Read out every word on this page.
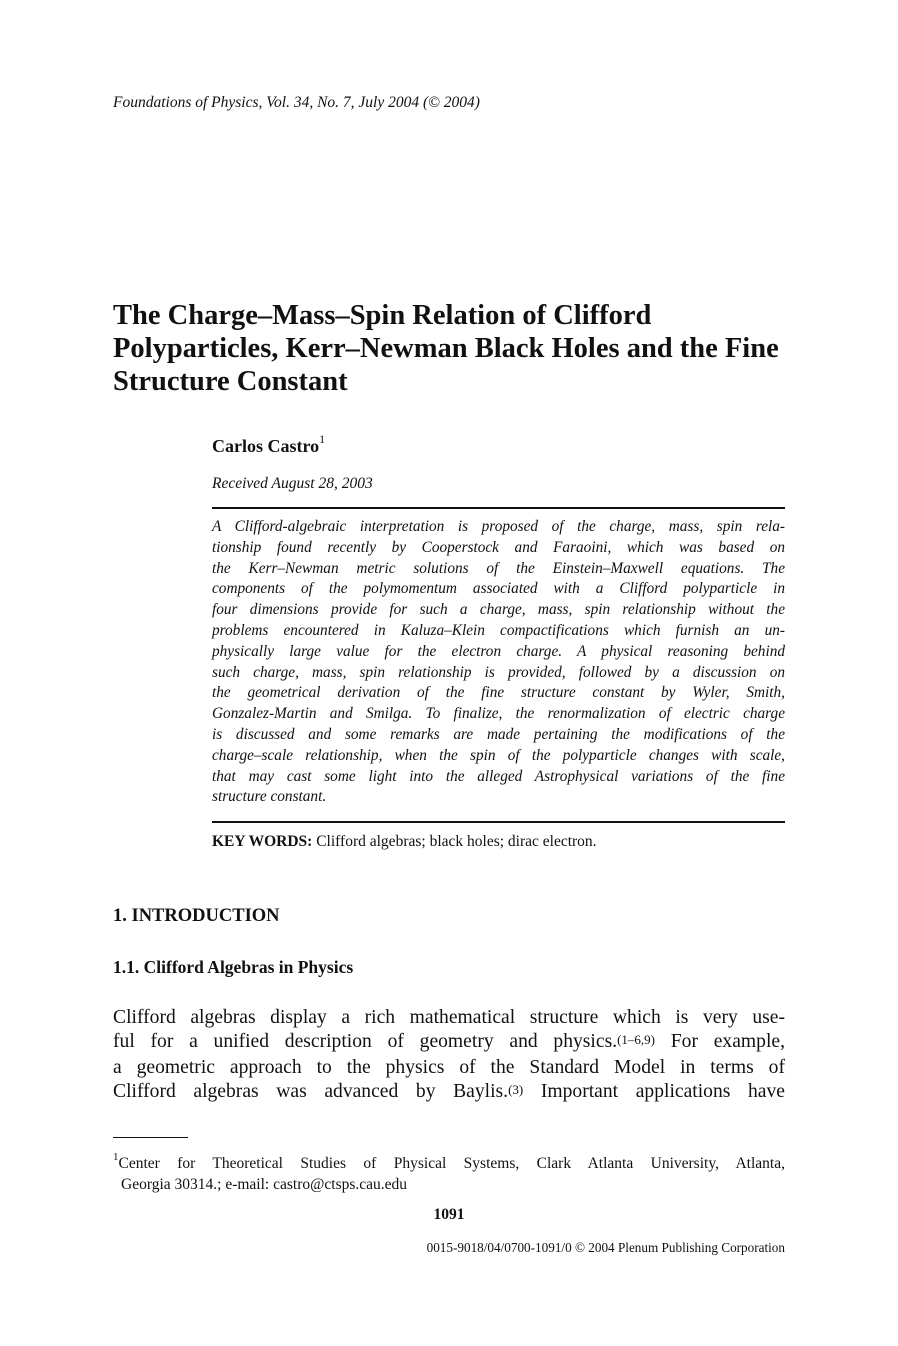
Foundations of Physics, Vol. 34, No. 7, July 2004 (© 2004)
The Charge–Mass–Spin Relation of Clifford
Polyparticles, Kerr–Newman Black Holes and the Fine
Structure Constant
Carlos Castro$^1$
Received August 28, 2003
A Clifford-algebraic interpretation is proposed of the charge, mass, spin rela-
tionship found recently by Cooperstock and Faraoini, which was based on
the Kerr–Newman metric solutions of the Einstein–Maxwell equations. The
components of the polymomentum associated with a Clifford polyparticle in
four dimensions provide for such a charge, mass, spin relationship without the
problems encountered in Kaluza–Klein compactifications which furnish an un-
physically large value for the electron charge. A physical reasoning behind
such charge, mass, spin relationship is provided, followed by a discussion on
the geometrical derivation of the fine structure constant by Wyler, Smith,
Gonzalez-Martin and Smilga. To finalize, the renormalization of electric charge
is discussed and some remarks are made pertaining the modifications of the
charge–scale relationship, when the spin of the polyparticle changes with scale,
that may cast some light into the alleged Astrophysical variations of the fine
structure constant.
KEY WORDS: Clifford algebras; black holes; dirac electron.
1. INTRODUCTION
1.1. Clifford Algebras in Physics
Clifford algebras display a rich mathematical structure which is very use-
ful for a unified description of geometry and physics.$^{(1-6,9)}$ For example,
a geometric approach to the physics of the Standard Model in terms of
Clifford algebras was advanced by Baylis.$^{(3)}$ Important applications have
$^1$Center for Theoretical Studies of Physical Systems, Clark Atlanta University, Atlanta,
Georgia 30314.; e-mail: castro@ctsps.cau.edu
1091
0015-9018/04/0700-1091/0 © 2004 Plenum Publishing Corporation
